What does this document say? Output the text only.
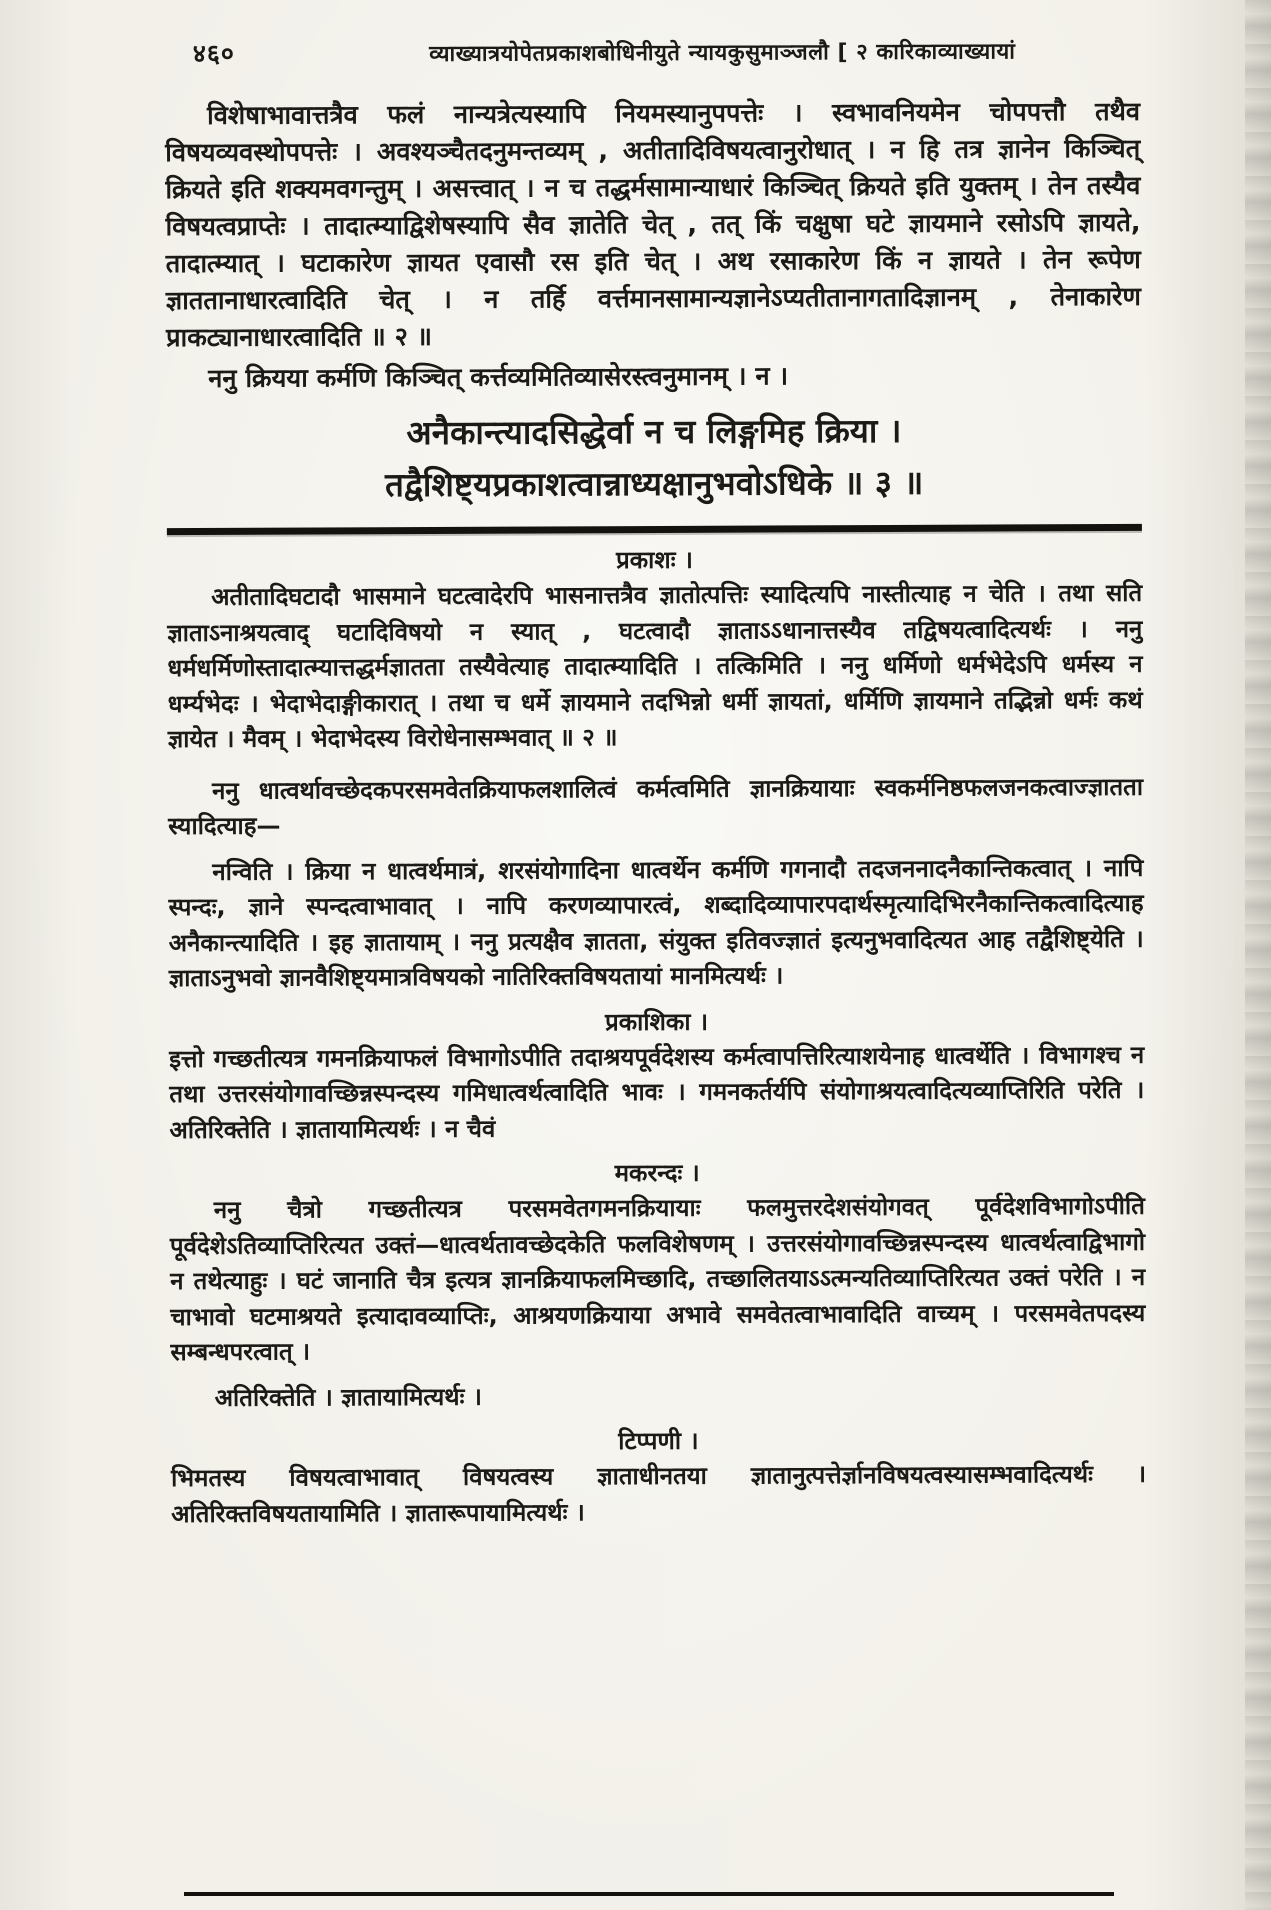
४६०	व्याख्यात्रयोपेतप्रकाशबोधिनीयुते न्यायकुसुमाञ्जलौ [ २ कारिकाव्याख्यायां

विशेषाभावात्तत्रैव फलं नान्यत्रेत्यस्यापि नियमस्यानुपपत्तेः । स्वभावनियमेन चोपपत्तौ तथैव विषयव्यवस्थोपपत्तेः । अवश्यञ्चैतदनुमन्तव्यम् , अतीतादिविषयत्वानुरोधात् । न हि तत्र ज्ञानेन किञ्चित् क्रियते इति शक्यमवगन्तुम् । असत्त्वात् । न च तद्धर्मसामान्याधारं किञ्चित् क्रियते इति युक्तम् । तेन तस्यैव विषयत्वप्राप्तेः । तादात्म्याद्विशेषस्यापि सैव ज्ञातेति चेत् , तत् किं चक्षुषा घटे ज्ञायमाने रसोऽपि ज्ञायते, तादात्म्यात् । घटाकारेण ज्ञायत एवासौ रस इति चेत् । अथ रसाकारेण किं न ज्ञायते । तेन रूपेण ज्ञाततानाधारत्वादिति चेत् । न तर्हि वर्त्तमानसामान्यज्ञानेऽप्यतीतानागतादिज्ञानम् , तेनाकारेण प्राकट्यानाधारत्वादिति ॥ २ ॥

ननु क्रियया कर्मणि किञ्चित् कर्त्तव्यमितिव्यासेरस्त्वनुमानम् । न ।

अनैकान्त्यादसिद्धेर्वा न च लिङ्गमिह क्रिया ।
तद्वैशिष्ट्यप्रकाशत्वान्नाध्यक्षानुभवोऽधिके ॥ ३ ॥
प्रकाशः ।

अतीतादिघटादौ भासमाने घटत्वादेरपि भासनात्तत्रैव ज्ञातोत्पत्तिः स्यादित्यपि नास्तीत्याह न चेति । तथा सति ज्ञाताऽनाश्रयत्वाद् घटादिविषयो न स्यात् , घटत्वादौ ज्ञाताऽऽधानात्तस्यैव तद्विषयत्वादित्यर्थः । ननु धर्मधर्मिणोस्तादात्म्यात्तद्धर्मज्ञातता तस्यैवेत्याह तादात्म्यादिति । तत्किमिति । ननु धर्मिणो धर्मभेदेऽपि धर्मस्य न धर्म्यभेदः । भेदाभेदाङ्गीकारात् । तथा च धर्मे ज्ञायमाने तदभिन्नो धर्मी ज्ञायतां, धर्मिणि ज्ञायमाने तद्भिन्नो धर्मः कथं ज्ञायेत । मैवम् । भेदाभेदस्य विरोधेनासम्भवात् ॥ २ ॥

ननु धात्वर्थावच्छेदकपरसमवेतक्रियाफलशालित्वं कर्मत्वमिति ज्ञानक्रियायाः स्वकर्मनिष्ठफलजनकत्वाज्ज्ञातता स्यादित्याह—

नन्विति । क्रिया न धात्वर्थमात्रं, शरसंयोगादिना धात्वर्थेन कर्मणि गगनादौ तदजननादनैकान्तिकत्वात् । नापि स्पन्दः, ज्ञाने स्पन्दत्वाभावात् । नापि करणव्यापारत्वं, शब्दादिव्यापारपदार्थस्मृत्यादिभिरनैकान्तिकत्वादित्याह अनैकान्त्यादिति । इह ज्ञातायाम् । ननु प्रत्यक्षैव ज्ञातता, संयुक्त इतिवज्ज्ञातं इत्यनुभवादित्यत आह तद्वैशिष्ट्येति । ज्ञाताऽनुभवो ज्ञानवैशिष्ट्यमात्रविषयको नातिरिक्तविषयतायां मानमित्यर्थः ।

प्रकाशिका ।

इत्तो गच्छतीत्यत्र गमनक्रियाफलं विभागोऽपीति तदाश्रयपूर्वदेशस्य कर्मत्वापत्तिरित्याशयेनाह धात्वर्थेति । विभागश्च न तथा उत्तरसंयोगावच्छिन्नस्पन्दस्य गमिधात्वर्थत्वादिति भावः । गमनकर्तर्यपि संयोगाश्रयत्वादित्यव्याप्तिरिति परेति । अतिरिक्तेति । ज्ञातायामित्यर्थः । न चैवं

मकरन्दः ।

ननु चैत्रो गच्छतीत्यत्र परसमवेतगमनक्रियायाः फलमुत्तरदेशसंयोगवत् पूर्वदेशविभागोऽपीति पूर्वदेशेऽतिव्याप्तिरित्यत उक्तं—धात्वर्थतावच्छेदकेति फलविशेषणम् । उत्तरसंयोगावच्छिन्नस्पन्दस्य धात्वर्थत्वाद्विभागो न तथेत्याहुः । घटं जानाति चैत्र इत्यत्र ज्ञानक्रियाफलमिच्छादि, तच्छालितयाऽऽत्मन्यतिव्याप्तिरित्यत उक्तं परेति । न चाभावो घटमाश्रयते इत्यादावव्याप्तिः, आश्रयणक्रियाया अभावे समवेतत्वाभावादिति वाच्यम् । परसमवेतपदस्य सम्बन्धपरत्वात् ।

अतिरिक्तेति । ज्ञातायामित्यर्थः ।

टिप्पणी ।

भिमतस्य विषयत्वाभावात् विषयत्वस्य ज्ञाताधीनतया ज्ञातानुत्पत्तेर्ज्ञानविषयत्वस्यासम्भवादित्यर्थः । अतिरिक्तविषयतायामिति । ज्ञातारूपायामित्यर्थः ।
